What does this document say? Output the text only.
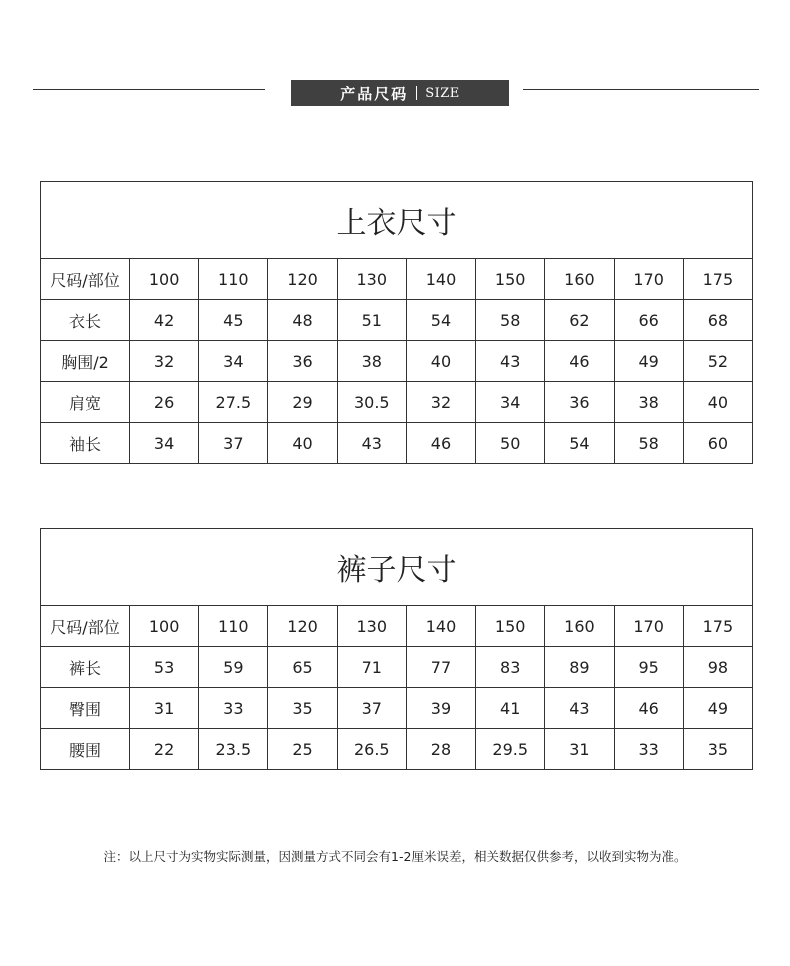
产品尺码 SIZE
上衣尺寸									
尺码/部位	100	110	120	130	140	150	160	170	175
衣长	42	45	48	51	54	58	62	66	68
胸围/2	32	34	36	38	40	43	46	49	52
肩宽	26	27.5	29	30.5	32	34	36	38	40
袖长	34	37	40	43	46	50	54	58	60
裤子尺寸									
尺码/部位	100	110	120	130	140	150	160	170	175
裤长	53	59	65	71	77	83	89	95	98
臀围	31	33	35	37	39	41	43	46	49
腰围	22	23.5	25	26.5	28	29.5	31	33	35
注：以上尺寸为实物实际测量，因测量方式不同会有1-2厘米误差，相关数据仅供参考，以收到实物为准。
